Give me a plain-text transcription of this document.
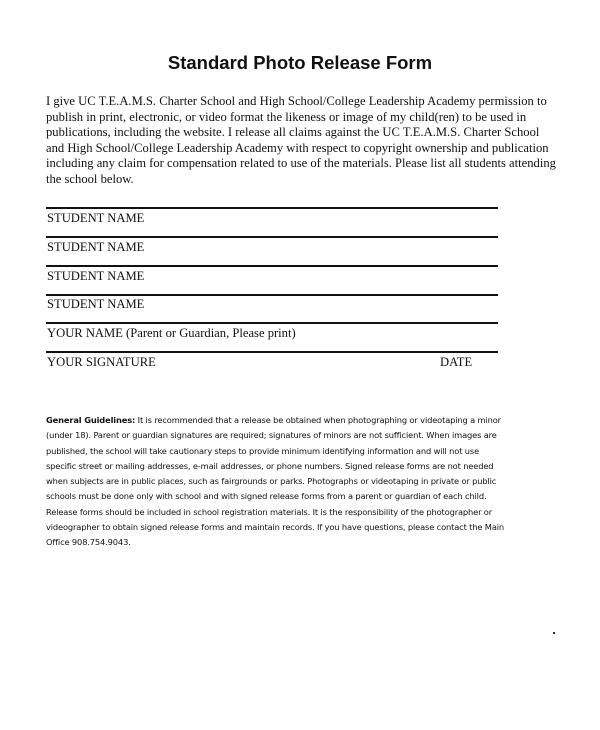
Standard Photo Release Form
I give UC T.E.A.M.S. Charter School and High School/College Leadership Academy permission to
publish in print, electronic, or video format the likeness or image of my child(ren) to be used in
publications, including the website. I release all claims against the UC T.E.A.M.S. Charter School
and High School/College Leadership Academy with respect to copyright ownership and publication
including any claim for compensation related to use of the materials. Please list all students attending
the school below.
STUDENT NAME
STUDENT NAME
STUDENT NAME
STUDENT NAME
YOUR NAME (Parent or Guardian, Please print)
YOUR SIGNATURE	DATE
General Guidelines: It is recommended that a release be obtained when photographing or videotaping a minor
(under 18). Parent or guardian signatures are required; signatures of minors are not sufficient. When images are
published, the school will take cautionary steps to provide minimum identifying information and will not use
specific street or mailing addresses, e-mail addresses, or phone numbers. Signed release forms are not needed
when subjects are in public places, such as fairgrounds or parks. Photographs or videotaping in private or public
schools must be done only with school and with signed release forms from a parent or guardian of each child.
Release forms should be included in school registration materials. It is the responsibility of the photographer or
videographer to obtain signed release forms and maintain records. If you have questions, please contact the Main
Office 908.754.9043.
